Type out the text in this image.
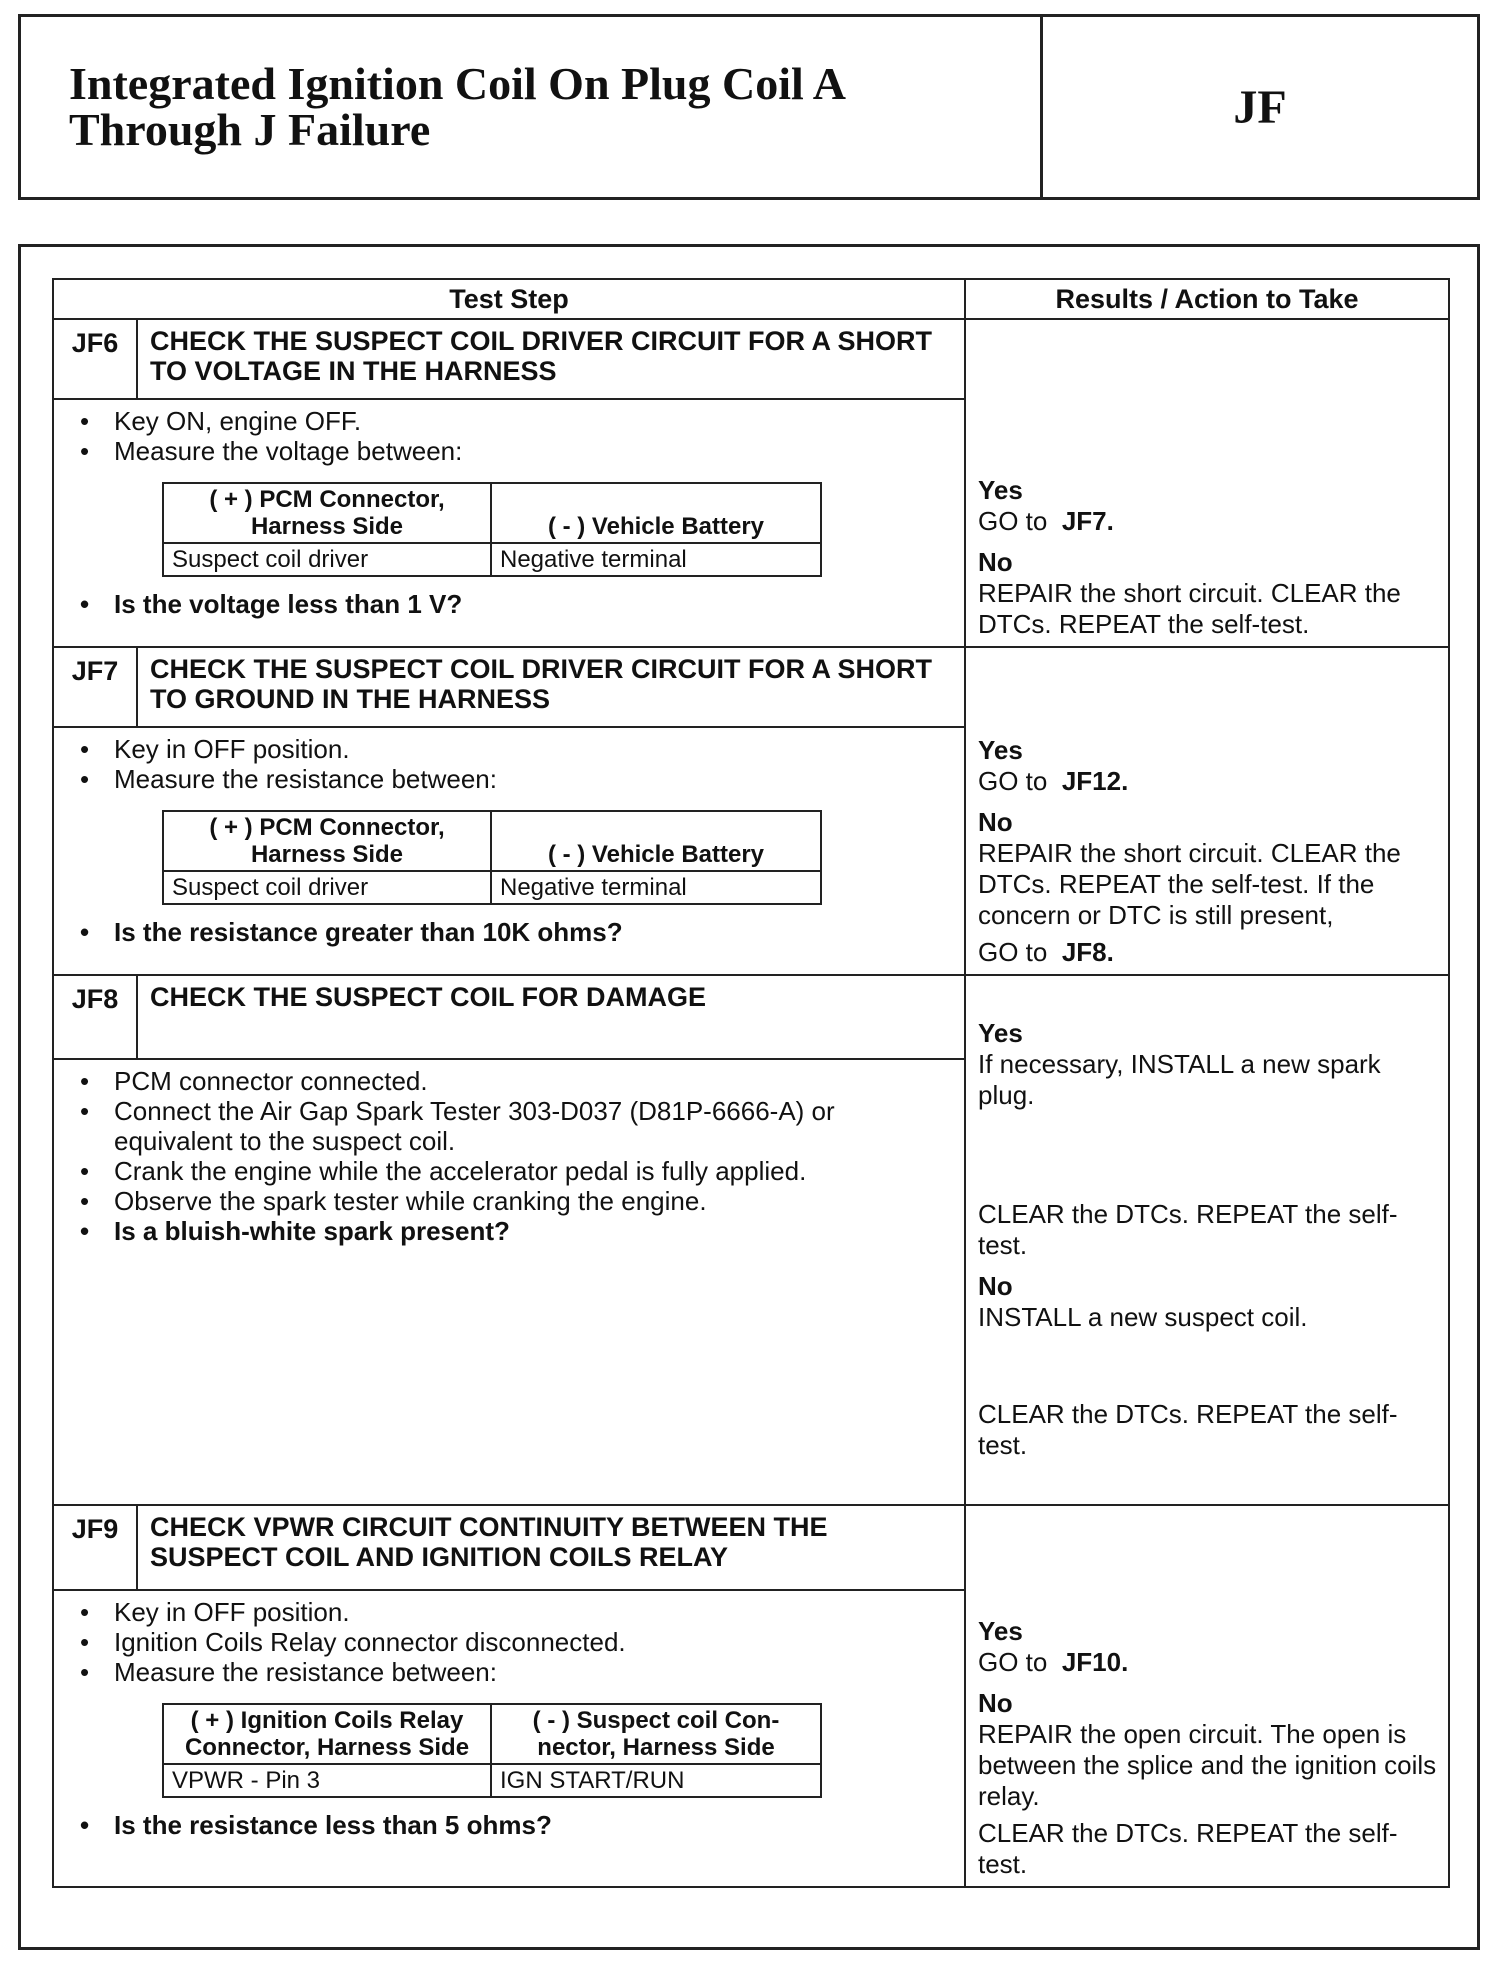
Integrated Ignition Coil On Plug Coil A
Through J Failure	JF
Test Step	Results / Action to Take
JF6	CHECK THE SUSPECT COIL DRIVER CIRCUIT FOR A SHORT TO VOLTAGE IN THE HARNESS	
Yes
GO to JF7.
No
REPAIR the short circuit. CLEAR the DTCs. REPEAT the self-test.

• Key ON, engine OFF.
• Measure the voltage between:
( + ) PCM Connector, Harness Side	( - ) Vehicle Battery
Suspect coil driver	Negative terminal
• Is the voltage less than 1 V?

JF7	CHECK THE SUSPECT COIL DRIVER CIRCUIT FOR A SHORT TO GROUND IN THE HARNESS	
Yes
GO to JF12.
No
REPAIR the short circuit. CLEAR the DTCs. REPEAT the self-test. If the concern or DTC is still present,
GO to JF8.

• Key in OFF position.
• Measure the resistance between:
( + ) PCM Connector, Harness Side	( - ) Vehicle Battery
Suspect coil driver	Negative terminal
• Is the resistance greater than 10K ohms?

JF8	CHECK THE SUSPECT COIL FOR DAMAGE	
Yes
If necessary, INSTALL a new spark plug.
CLEAR the DTCs. REPEAT the self-test.
No
INSTALL a new suspect coil.
CLEAR the DTCs. REPEAT the self-test.

• PCM connector connected.
• Connect the Air Gap Spark Tester 303-D037 (D81P-6666-A) or equivalent to the suspect coil.
• Crank the engine while the accelerator pedal is fully applied.
• Observe the spark tester while cranking the engine.
• Is a bluish-white spark present?

JF9	CHECK VPWR CIRCUIT CONTINUITY BETWEEN THE SUSPECT COIL AND IGNITION COILS RELAY	
Yes
GO to JF10.
No
REPAIR the open circuit. The open is between the splice and the ignition coils relay.
CLEAR the DTCs. REPEAT the self-test.

• Key in OFF position.
• Ignition Coils Relay connector disconnected.
• Measure the resistance between:
( + ) Ignition Coils Relay Connector, Harness Side	( - ) Suspect coil Con-nector, Harness Side
VPWR - Pin 3	IGN START/RUN
• Is the resistance less than 5 ohms?
